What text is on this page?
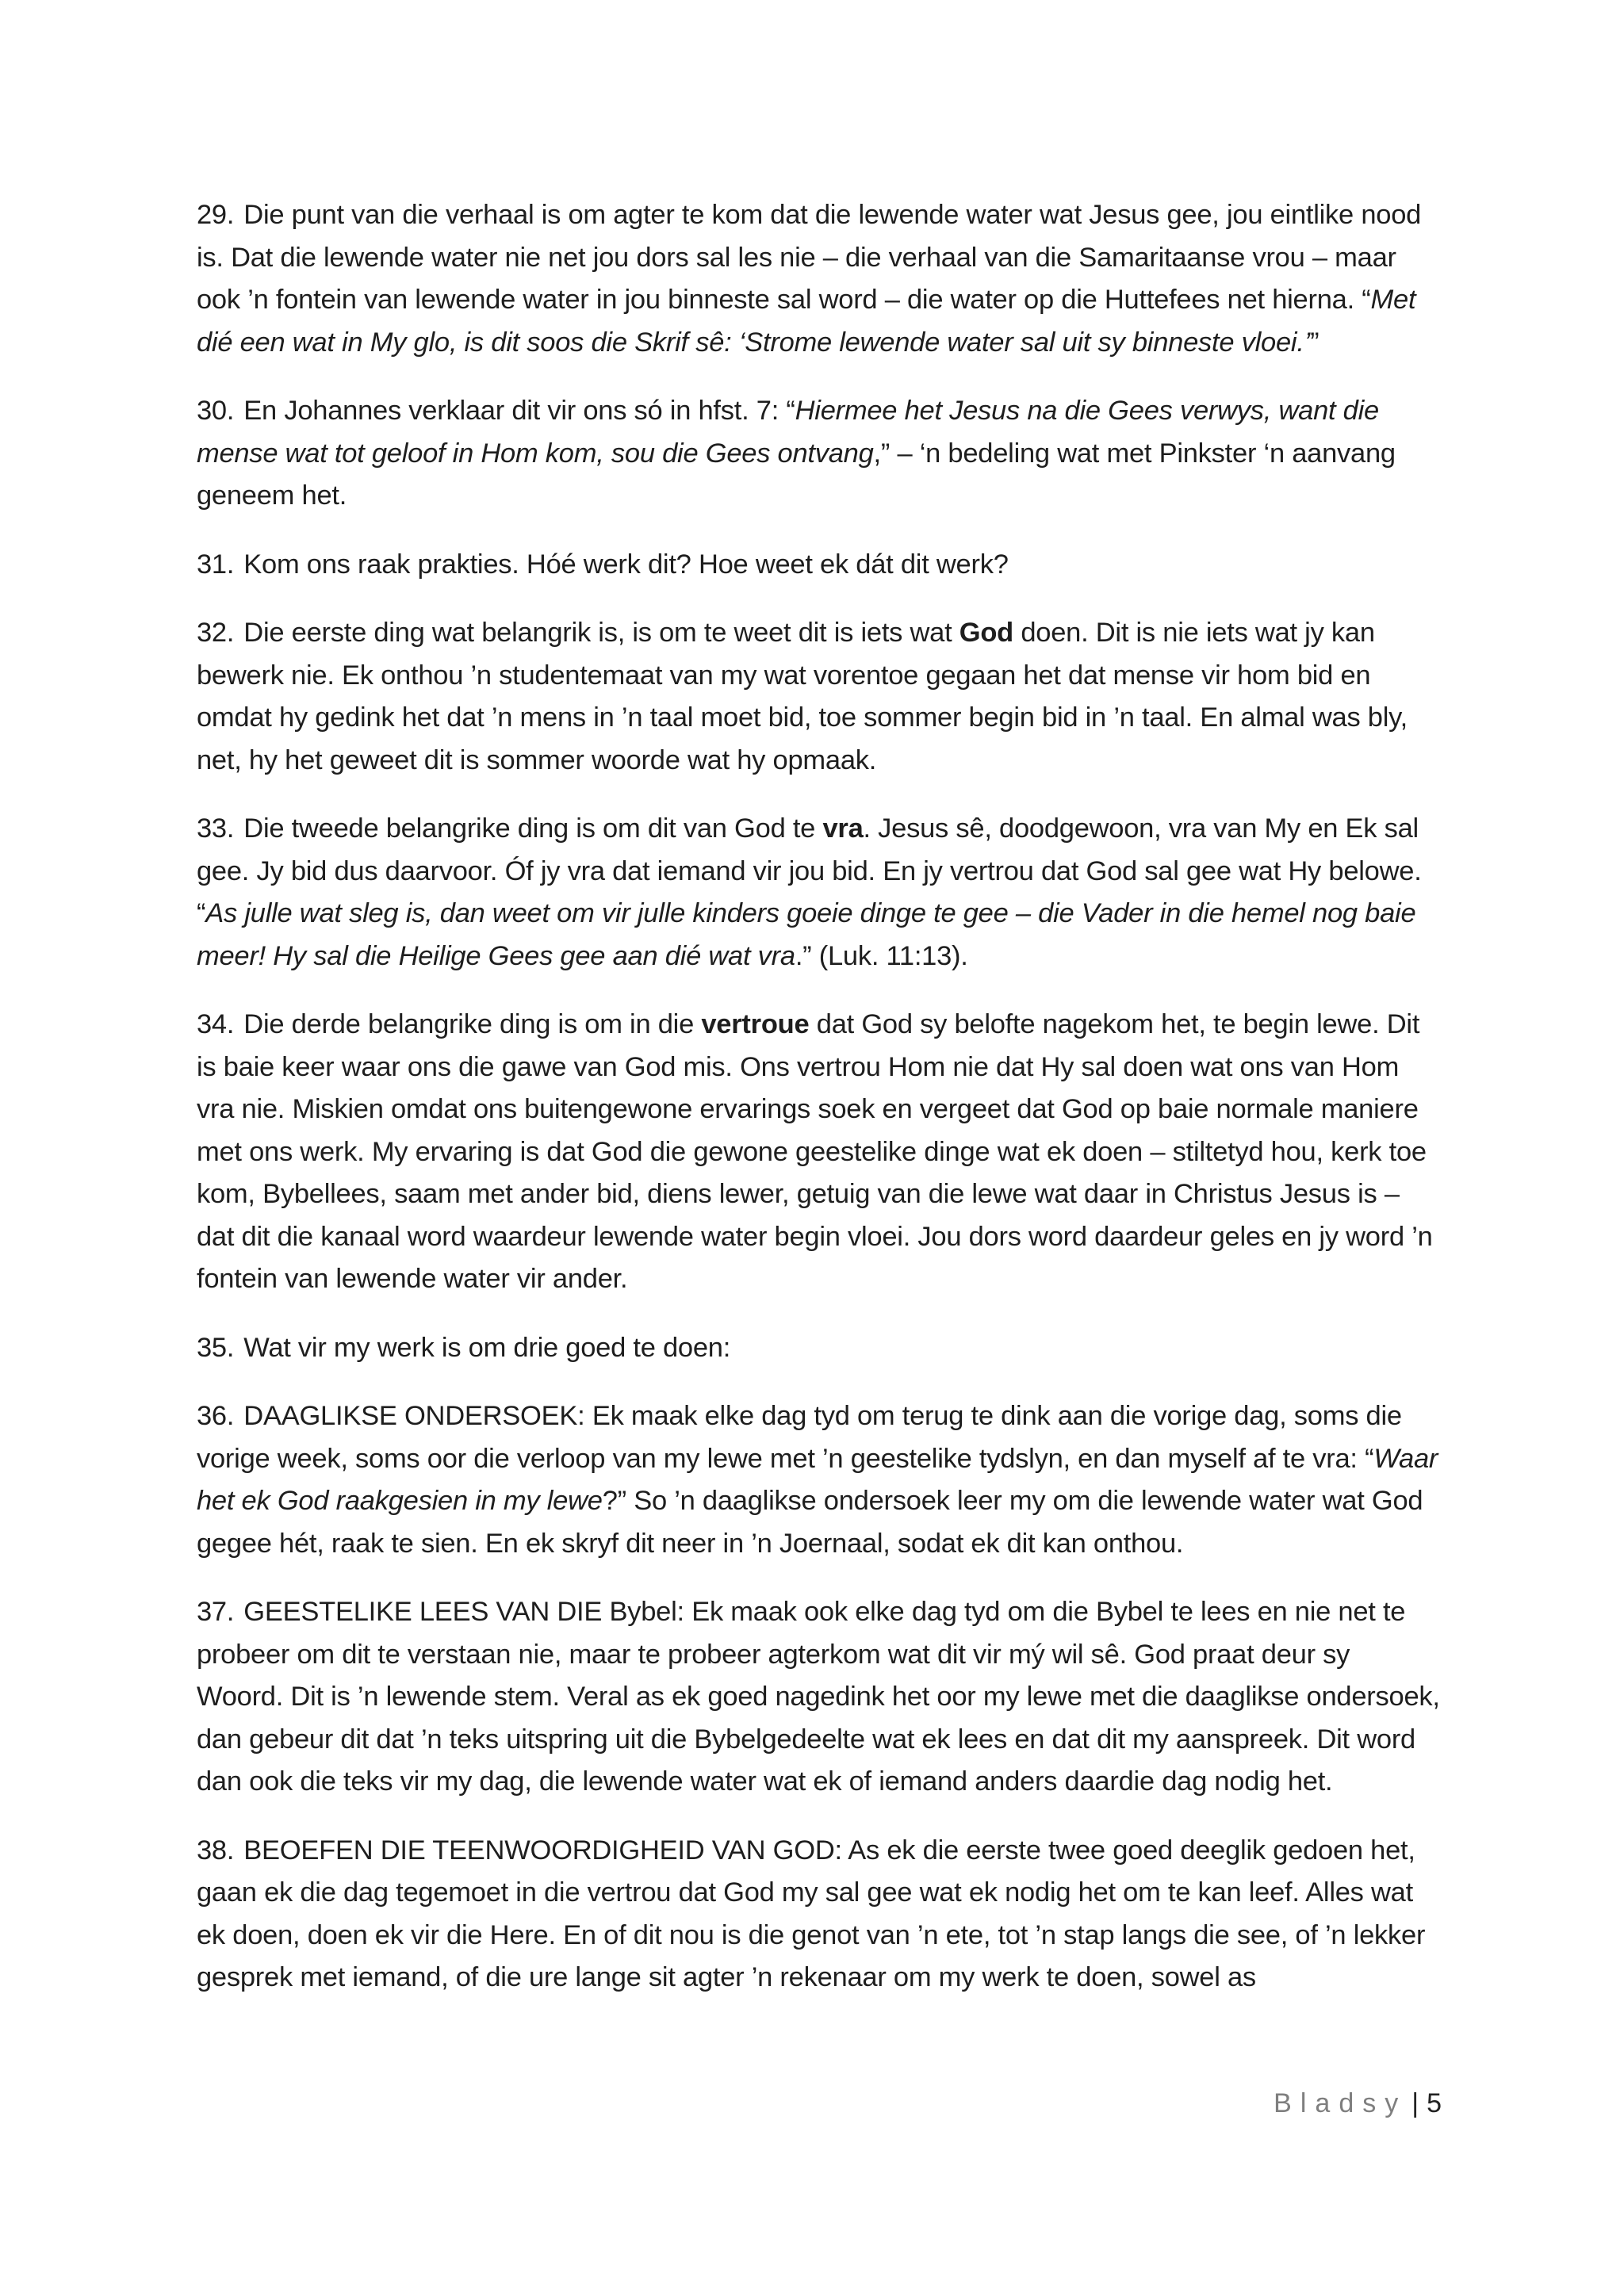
29. Die punt van die verhaal is om agter te kom dat die lewende water wat Jesus gee, jou eintlike nood is. Dat die lewende water nie net jou dors sal les nie – die verhaal van die Samaritaanse vrou – maar ook ’n fontein van lewende water in jou binneste sal word – die water op die Huttefees net hierna. “Met dié een wat in My glo, is dit soos die Skrif sê: ‘Strome lewende water sal uit sy binneste vloei.’”

30. En Johannes verklaar dit vir ons só in hfst. 7: “Hiermee het Jesus na die Gees verwys, want die mense wat tot geloof in Hom kom, sou die Gees ontvang,” – ‘n bedeling wat met Pinkster ‘n aanvang geneem het.

31. Kom ons raak prakties. Hóé werk dit? Hoe weet ek dát dit werk?

32. Die eerste ding wat belangrik is, is om te weet dit is iets wat God doen. Dit is nie iets wat jy kan bewerk nie. Ek onthou ’n studentemaat van my wat vorentoe gegaan het dat mense vir hom bid en omdat hy gedink het dat ’n mens in ’n taal moet bid, toe sommer begin bid in ’n taal. En almal was bly, net, hy het geweet dit is sommer woorde wat hy opmaak.

33. Die tweede belangrike ding is om dit van God te vra. Jesus sê, doodgewoon, vra van My en Ek sal gee. Jy bid dus daarvoor. Óf jy vra dat iemand vir jou bid. En jy vertrou dat God sal gee wat Hy belowe. “As julle wat sleg is, dan weet om vir julle kinders goeie dinge te gee – die Vader in die hemel nog baie meer! Hy sal die Heilige Gees gee aan dié wat vra.” (Luk. 11:13).

34. Die derde belangrike ding is om in die vertroue dat God sy belofte nagekom het, te begin lewe. Dit is baie keer waar ons die gawe van God mis. Ons vertrou Hom nie dat Hy sal doen wat ons van Hom vra nie. Miskien omdat ons buitengewone ervarings soek en vergeet dat God op baie normale maniere met ons werk. My ervaring is dat God die gewone geestelike dinge wat ek doen – stiltetyd hou, kerk toe kom, Bybellees, saam met ander bid, diens lewer, getuig van die lewe wat daar in Christus Jesus is – dat dit die kanaal word waardeur lewende water begin vloei. Jou dors word daardeur geles en jy word ’n fontein van lewende water vir ander.

35. Wat vir my werk is om drie goed te doen:

36. DAAGLIKSE ONDERSOEK: Ek maak elke dag tyd om terug te dink aan die vorige dag, soms die vorige week, soms oor die verloop van my lewe met ’n geestelike tydslyn, en dan myself af te vra: “Waar het ek God raakgesien in my lewe?” So ’n daaglikse ondersoek leer my om die lewende water wat God gegee hét, raak te sien. En ek skryf dit neer in ’n Joernaal, sodat ek dit kan onthou.

37. GEESTELIKE LEES VAN DIE Bybel: Ek maak ook elke dag tyd om die Bybel te lees en nie net te probeer om dit te verstaan nie, maar te probeer agterkom wat dit vir mý wil sê. God praat deur sy Woord. Dit is ’n lewende stem. Veral as ek goed nagedink het oor my lewe met die daaglikse ondersoek, dan gebeur dit dat ’n teks uitspring uit die Bybelgedeelte wat ek lees en dat dit my aanspreek. Dit word dan ook die teks vir my dag, die lewende water wat ek of iemand anders daardie dag nodig het.

38. BEOEFEN DIE TEENWOORDIGHEID VAN GOD: As ek die eerste twee goed deeglik gedoen het, gaan ek die dag tegemoet in die vertrou dat God my sal gee wat ek nodig het om te kan leef. Alles wat ek doen, doen ek vir die Here. En of dit nou is die genot van ’n ete, tot ’n stap langs die see, of ’n lekker gesprek met iemand, of die ure lange sit agter ’n rekenaar om my werk te doen, sowel as

Bladsy | 5
